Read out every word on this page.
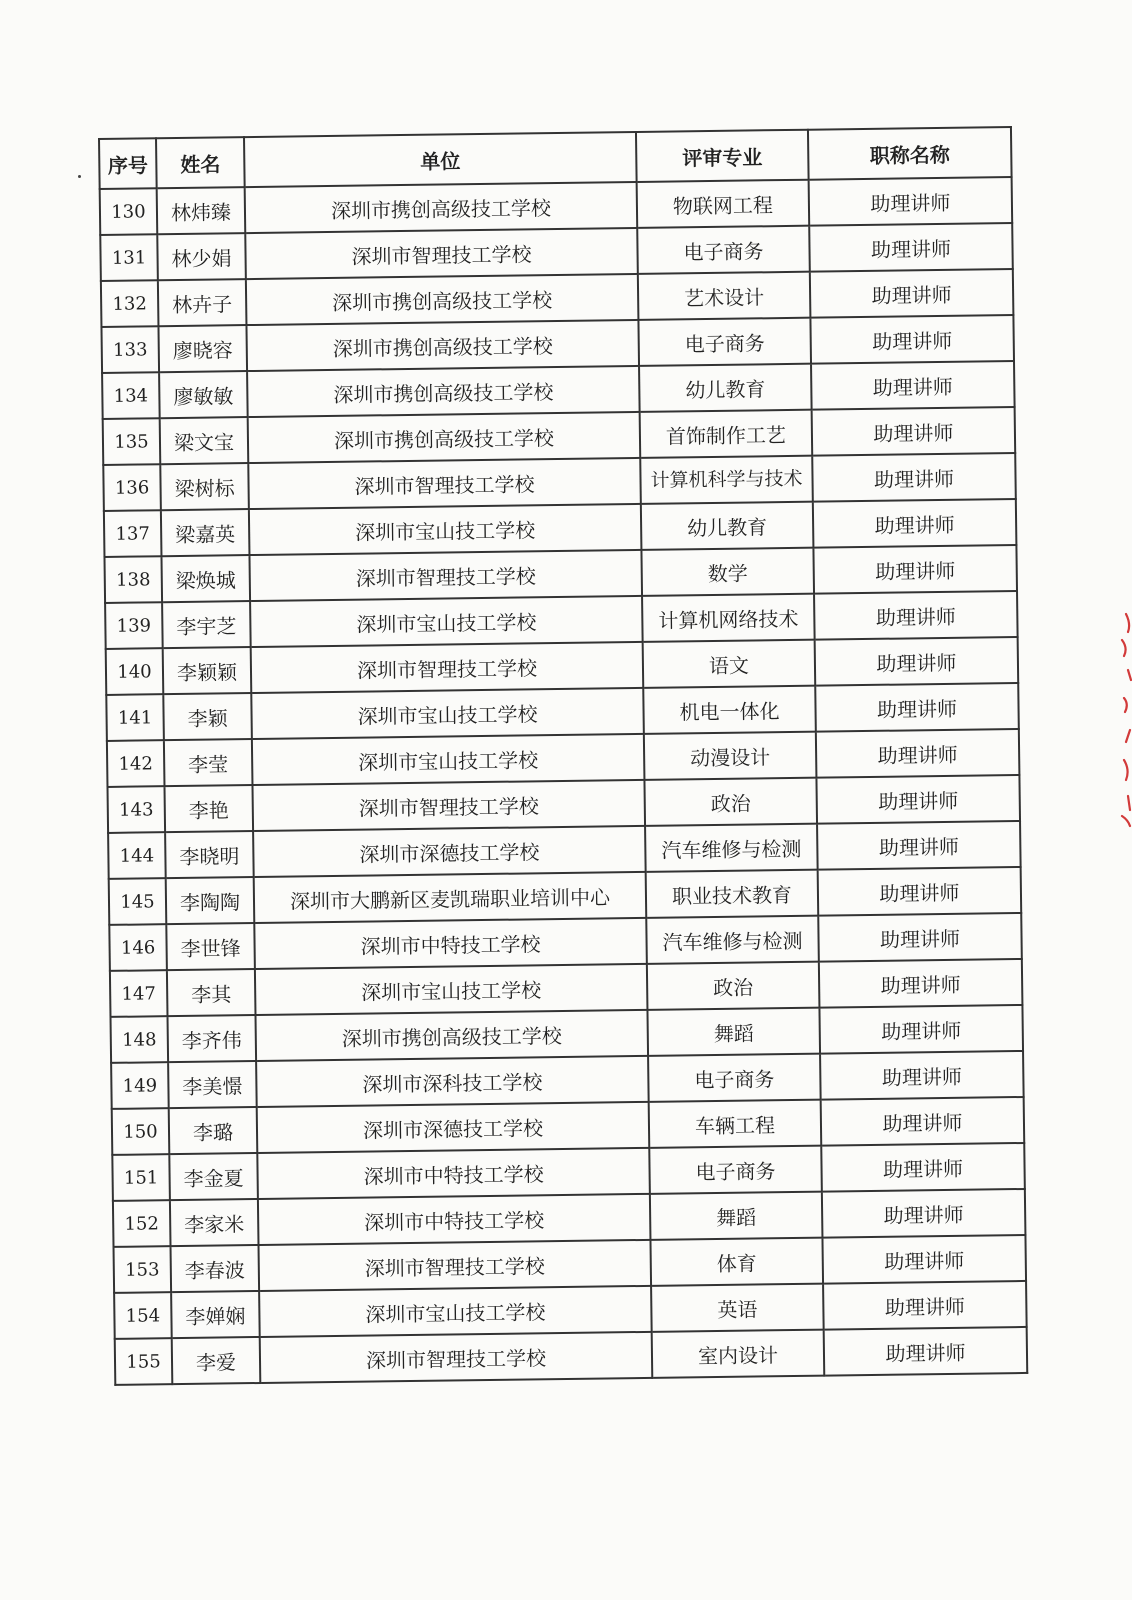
序号	姓名	单位	评审专业	职称名称
130	林炜臻	深圳市携创高级技工学校	物联网工程	助理讲师
131	林少娟	深圳市智理技工学校	电子商务	助理讲师
132	林卉子	深圳市携创高级技工学校	艺术设计	助理讲师
133	廖晓容	深圳市携创高级技工学校	电子商务	助理讲师
134	廖敏敏	深圳市携创高级技工学校	幼儿教育	助理讲师
135	梁文宝	深圳市携创高级技工学校	首饰制作工艺	助理讲师
136	梁树标	深圳市智理技工学校	计算机科学与技术	助理讲师
137	梁嘉英	深圳市宝山技工学校	幼儿教育	助理讲师
138	梁焕城	深圳市智理技工学校	数学	助理讲师
139	李宇芝	深圳市宝山技工学校	计算机网络技术	助理讲师
140	李颖颖	深圳市智理技工学校	语文	助理讲师
141	李颖	深圳市宝山技工学校	机电一体化	助理讲师
142	李莹	深圳市宝山技工学校	动漫设计	助理讲师
143	李艳	深圳市智理技工学校	政治	助理讲师
144	李晓明	深圳市深德技工学校	汽车维修与检测	助理讲师
145	李陶陶	深圳市大鹏新区麦凯瑞职业培训中心	职业技术教育	助理讲师
146	李世锋	深圳市中特技工学校	汽车维修与检测	助理讲师
147	李其	深圳市宝山技工学校	政治	助理讲师
148	李齐伟	深圳市携创高级技工学校	舞蹈	助理讲师
149	李美憬	深圳市深科技工学校	电子商务	助理讲师
150	李璐	深圳市深德技工学校	车辆工程	助理讲师
151	李金夏	深圳市中特技工学校	电子商务	助理讲师
152	李家米	深圳市中特技工学校	舞蹈	助理讲师
153	李春波	深圳市智理技工学校	体育	助理讲师
154	李婵娴	深圳市宝山技工学校	英语	助理讲师
155	李爱	深圳市智理技工学校	室内设计	助理讲师
